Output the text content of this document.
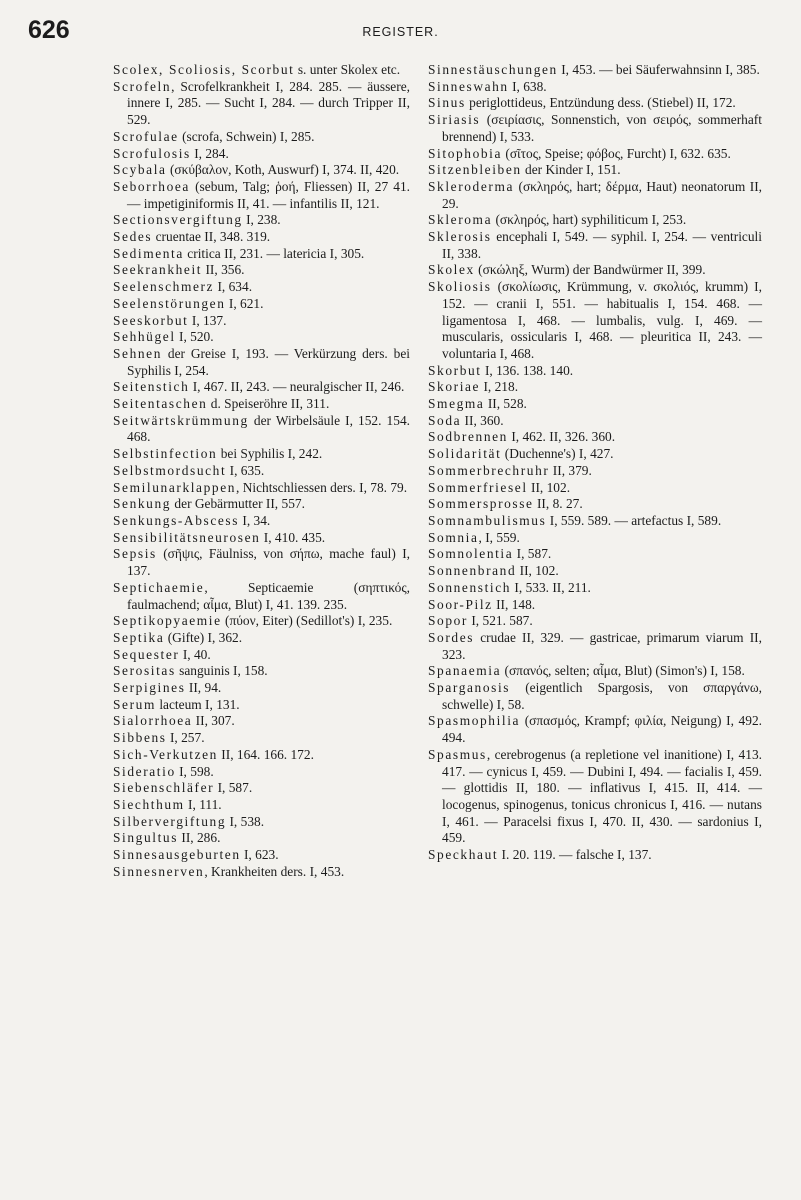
626	REGISTER.

Scolex, Scoliosis, Scorbut s. unter Skolex etc.

Scrofeln, Scrofelkrankheit I, 284. 285. — äussere, innere I, 285. — Sucht I, 284. — durch Tripper II, 529.

Scrofulae (scrofa, Schwein) I, 285.

Scrofulosis I, 284.

Scybala (σκύβαλον, Koth, Auswurf) I, 374. II, 420.

Seborrhoea (sebum, Talg; ῥοή, Fliessen) II, 27 41. — impetiginiformis II, 41. — infantilis II, 121.

Sectionsvergiftung I, 238.

Sedes cruentae II, 348. 319.

Sedimenta critica II, 231. — latericia I, 305.

Seekrankheit II, 356.

Seelenschmerz I, 634.

Seelenstörungen I, 621.

Seeskorbut I, 137.

Sehhügel I, 520.

Sehnen der Greise I, 193. — Verkürzung ders. bei Syphilis I, 254.

Seitenstich I, 467. II, 243. — neuralgischer II, 246.

Seitentaschen d. Speiseröhre II, 311.

Seitwärtskrümmung der Wirbelsäule I, 152. 154. 468.

Selbstinfection bei Syphilis I, 242.

Selbstmordsucht I, 635.

Semilunarklappen, Nichtschliessen ders. I, 78. 79.

Senkung der Gebärmutter II, 557.

Senkungs-Abscess I, 34.

Sensibilitätsneurosen I, 410. 435.

Sepsis (σῆψις, Fäulniss, von σήπω, mache faul) I, 137.

Septichaemie, Septicaemie (σηπτικός, faulmachend; αἷμα, Blut) I, 41. 139. 235.

Septikopyaemie (πύον, Eiter) (Sedillot's) I, 235.

Septika (Gifte) I, 362.

Sequester I, 40.

Serositas sanguinis I, 158.

Serpigines II, 94.

Serum lacteum I, 131.

Sialorrhoea II, 307.

Sibbens I, 257.

Sich-Verkutzen II, 164. 166. 172.

Sideratio I, 598.

Siebenschläfer I, 587.

Siechthum I, 111.

Silbervergiftung I, 538.

Singultus II, 286.

Sinnesausgeburten I, 623.

Sinnesnerven, Krankheiten ders. I, 453.

Sinnestäuschungen I, 453. — bei Säuferwahnsinn I, 385.

Sinneswahn I, 638.

Sinus periglottideus, Entzündung dess. (Stiebel) II, 172.

Siriasis (σειρίασις, Sonnenstich, von σειρός, sommerhaft brennend) I, 533.

Sitophobia (σῖτος, Speise; φόβος, Furcht) I, 632. 635.

Sitzenbleiben der Kinder I, 151.

Skleroderma (σκληρός, hart; δέρμα, Haut) neonatorum II, 29.

Skleroma (σκληρός, hart) syphiliticum I, 253.

Sklerosis encephali I, 549. — syphil. I, 254. — ventriculi II, 338.

Skolex (σκώληξ, Wurm) der Bandwürmer II, 399.

Skoliosis (σκολίωσις, Krümmung, v. σκολιός, krumm) I, 152. — cranii I, 551. — habitualis I, 154. 468. — ligamentosa I, 468. — lumbalis, vulg. I, 469. — muscularis, ossicularis I, 468. — pleuritica II, 243. — voluntaria I, 468.

Skorbut I, 136. 138. 140.

Skoriae I, 218.

Smegma II, 528.

Soda II, 360.

Sodbrennen I, 462. II, 326. 360.

Solidarität (Duchenne's) I, 427.

Sommerbrechruhr II, 379.

Sommerfriesel II, 102.

Sommersprosse II, 8. 27.

Somnambulismus I, 559. 589. — artefactus I, 589.

Somnia, I, 559.

Somnolentia I, 587.

Sonnenbrand II, 102.

Sonnenstich I, 533. II, 211.

Soor-Pilz II, 148.

Sopor I, 521. 587.

Sordes crudae II, 329. — gastricae, primarum viarum II, 323.

Spanaemia (σπανός, selten; αἷμα, Blut) (Simon's) I, 158.

Sparganosis (eigentlich Spargosis, von σπαργάνω, schwelle) I, 58.

Spasmophilia (σπασμός, Krampf; φιλία, Neigung) I, 492. 494.

Spasmus, cerebrogenus (a repletione vel inanitione) I, 413. 417. — cynicus I, 459. — Dubini I, 494. — facialis I, 459. — glottidis II, 180. — inflativus I, 415. II, 414. — locogenus, spinogenus, tonicus chronicus I, 416. — nutans I, 461. — Paracelsi fixus I, 470. II, 430. — sardonius I, 459.

Speckhaut I. 20. 119. — falsche I, 137.
